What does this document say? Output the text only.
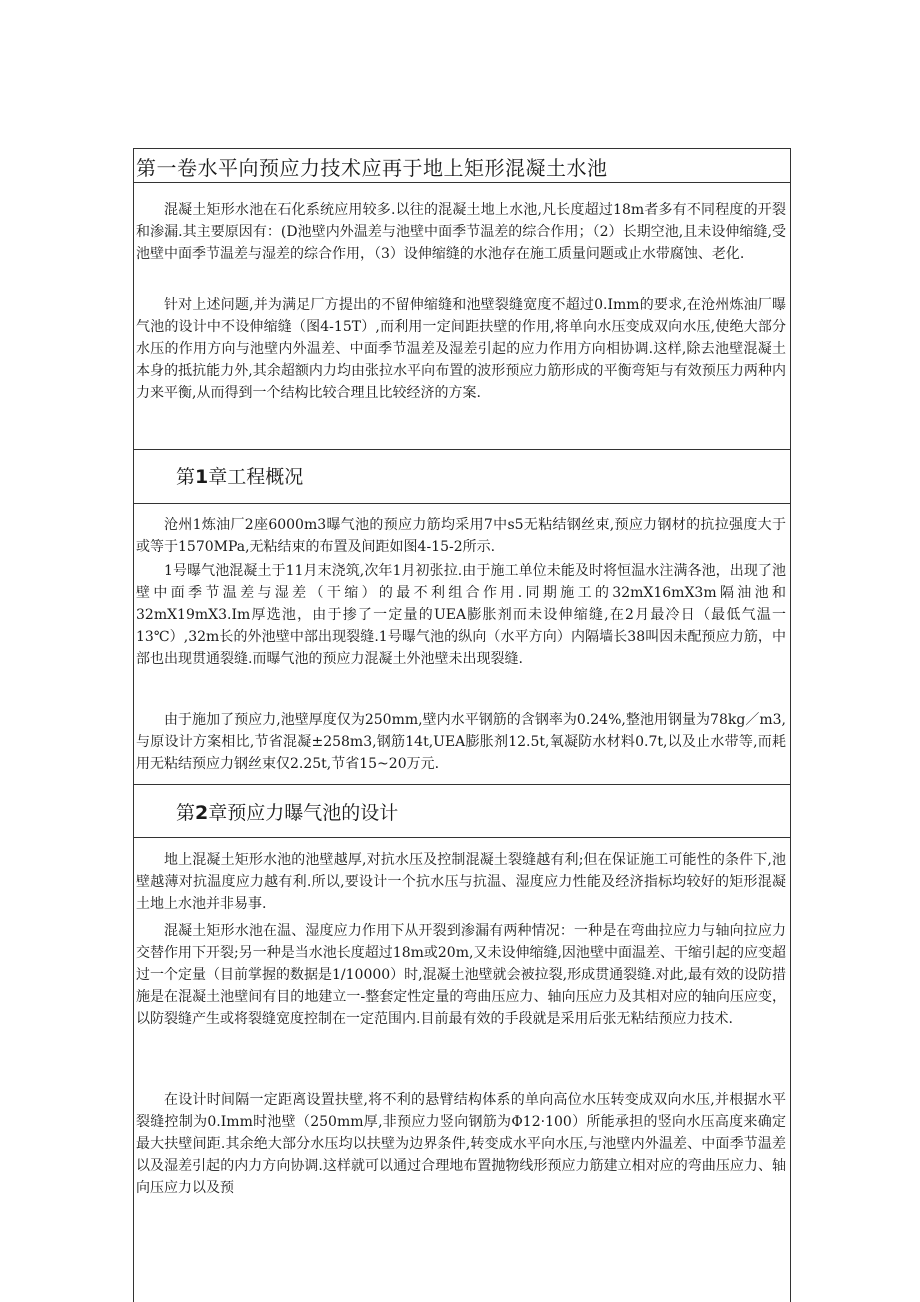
第一卷水平向预应力技术应再于地上矩形混凝土水池

混凝土矩形水池在石化系统应用较多.以往的混凝土地上水池,凡长度超过18m者多有不同程度的开裂和渗漏.其主要原因有：(D池壁内外温差与池壁中面季节温差的综合作用；（2）长期空池,且未设伸缩缝,受池壁中面季节温差与湿差的综合作用，（3）设伸缩缝的水池存在施工质量问题或止水带腐蚀、老化.

针对上述问题,并为满足厂方提出的不留伸缩缝和池壁裂缝宽度不超过0.Imm的要求,在沧州炼油厂曝气池的设计中不设伸缩缝（图4-15T）,而利用一定间距扶壁的作用,将单向水压变成双向水压,使绝大部分水压的作用方向与池壁内外温差、中面季节温差及湿差引起的应力作用方向相协调.这样,除去池壁混凝土本身的抵抗能力外,其余超额内力均由张拉水平向布置的波形预应力筋形成的平衡弯矩与有效预压力两种内力来平衡,从而得到一个结构比较合理且比较经济的方案.

第1章工程概况

沧州1炼油厂2座6000m3曝气池的预应力筋均采用7中s5无粘结钢丝束,预应力钢材的抗拉强度大于或等于1570MPa,无粘结束的布置及间距如图4-15-2所示.

1号曝气池混凝土于11月末浇筑,次年1月初张拉.由于施工单位未能及时将恒温水注满各池，出现了池壁中面季节温差与湿差（干缩）的最不利组合作用.同期施工的32mX16mX3m隔油池和32mX19mX3.Im厚选池，由于掺了一定量的UEA膨胀剂而未设伸缩缝,在2月最冷日（最低气温一13℃）,32m长的外池壁中部出现裂缝.1号曝气池的纵向（水平方向）内隔墙长38叫因未配预应力筋，中部也出现贯通裂缝.而曝气池的预应力混凝土外池壁未出现裂缝.

由于施加了预应力,池壁厚度仅为250mm,壁内水平钢筋的含钢率为0.24%,整池用钢量为78kg／m3,与原设计方案相比,节省混凝±258m3,钢筋14t,UEA膨胀剂12.5t,氧凝防水材料0.7t,以及止水带等,而耗用无粘结预应力钢丝束仅2.25t,节省15~20万元.

第2章预应力曝气池的设计

地上混凝土矩形水池的池壁越厚,对抗水压及控制混凝土裂缝越有利;但在保证施工可能性的条件下,池壁越薄对抗温度应力越有利.所以,要设计一个抗水压与抗温、湿度应力性能及经济指标均较好的矩形混凝土地上水池并非易事.

混凝土矩形水池在温、湿度应力作用下从开裂到渗漏有两种情况：一种是在弯曲拉应力与轴向拉应力交替作用下开裂;另一种是当水池长度超过18m或20m,又未设伸缩缝,因池壁中面温差、干缩引起的应变超过一个定量（目前掌握的数据是1/10000）时,混凝土池壁就会被拉裂,形成贯通裂缝.对此,最有效的设防措施是在混凝土池壁间有目的地建立一-整套定性定量的弯曲压应力、轴向压应力及其相对应的轴向压应变，以防裂缝产生或将裂缝宽度控制在一定范围内.目前最有效的手段就是采用后张无粘结预应力技术.

在设计时间隔一定距离设置扶壁,将不利的悬臂结构体系的单向高位水压转变成双向水压,并根据水平裂缝控制为0.Imm时池壁（250mm厚,非预应力竖向钢筋为Φ12·100）所能承担的竖向水压高度来确定最大扶壁间距.其余绝大部分水压均以扶壁为边界条件,转变成水平向水压,与池壁内外温差、中面季节温差以及湿差引起的内力方向协调.这样就可以通过合理地布置抛物线形预应力筋建立相对应的弯曲压应力、轴向压应力以及预
